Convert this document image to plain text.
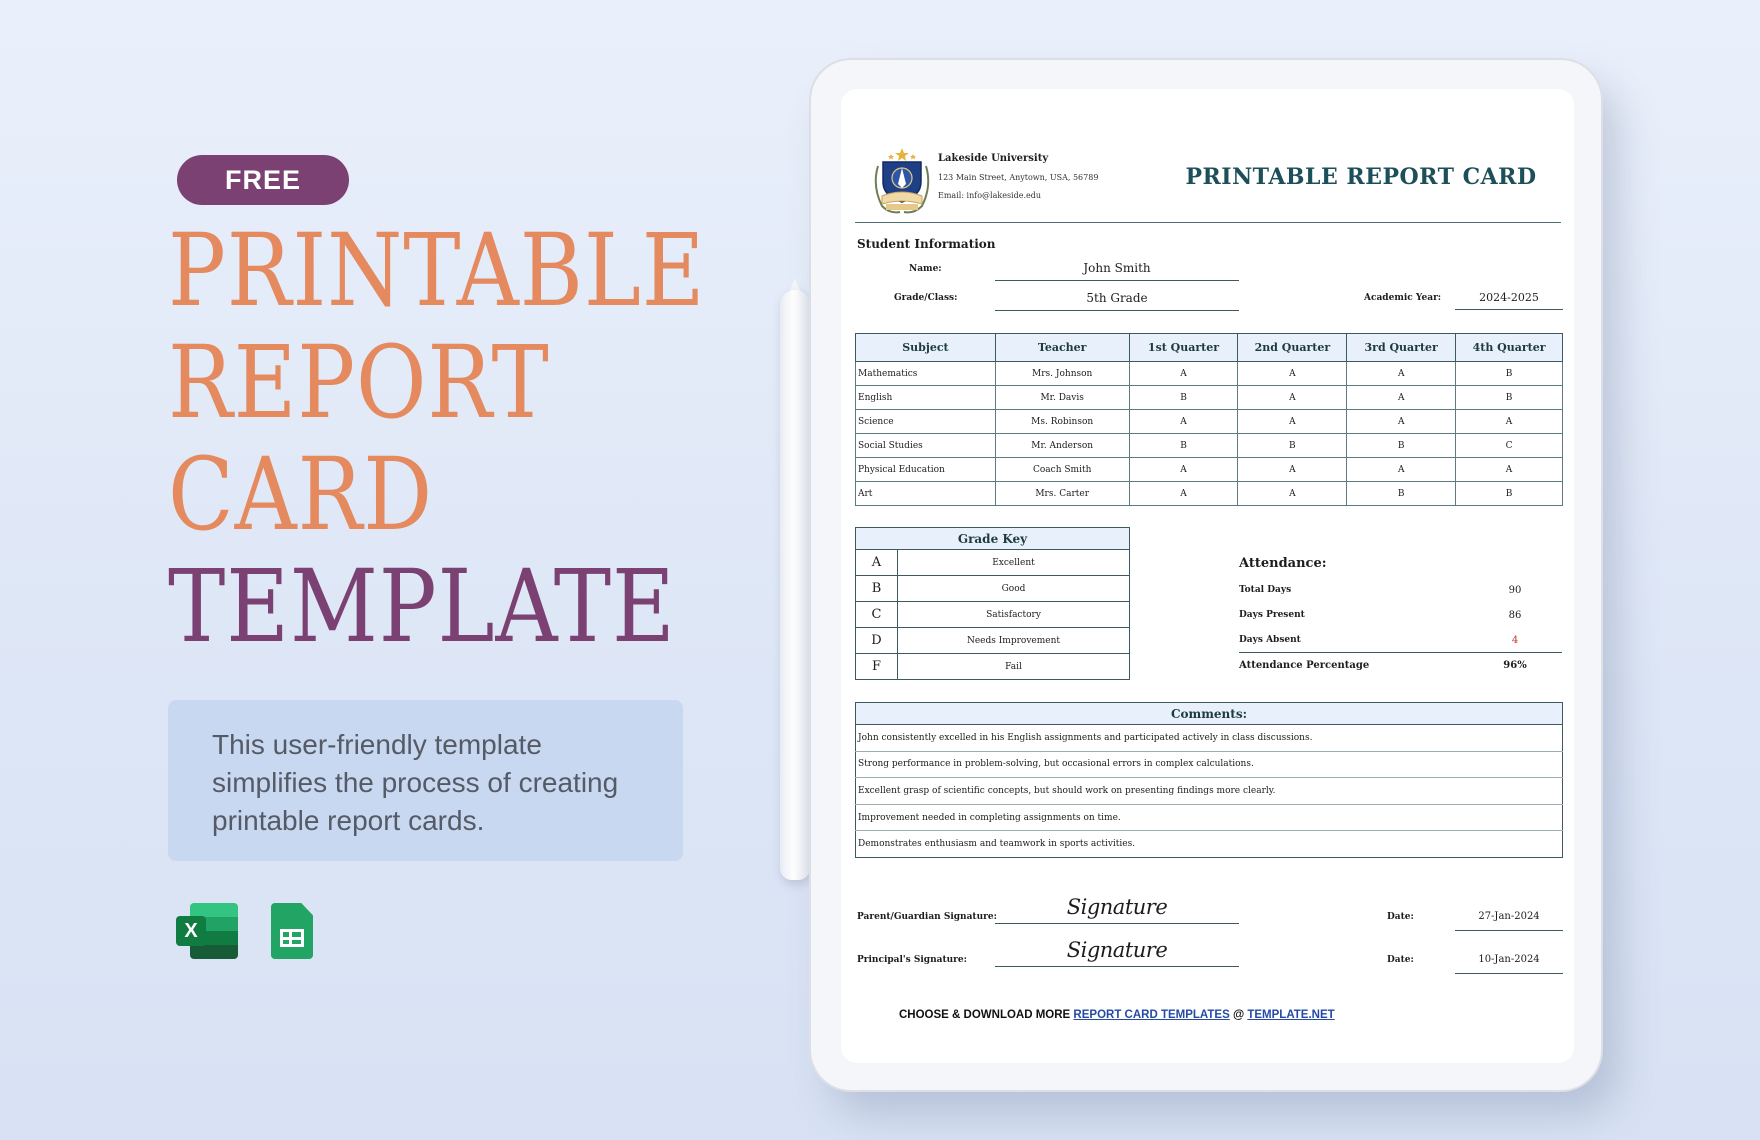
FREE
PRINTABLE
REPORT
CARD
TEMPLATE
This user-friendly template simplifies the process of creating printable report cards.
X
Lakeside University
123 Main Street, Anytown, USA, 56789
Email: info@lakeside.edu
PRINTABLE REPORT CARD
Student Information
Name:	John Smith
Grade/Class:	5th Grade	Academic Year:	2024-2025
Subject	Teacher	1st Quarter	2nd Quarter	3rd Quarter	4th Quarter
Mathematics	Mrs. Johnson	A	A	A	B
English	Mr. Davis	B	A	A	B
Science	Ms. Robinson	A	A	A	A
Social Studies	Mr. Anderson	B	B	B	C
Physical Education	Coach Smith	A	A	A	A
Art	Mrs. Carter	A	A	B	B
Grade Key	
A	Excellent
B	Good
C	Satisfactory
D	Needs Improvement
F	Fail
Attendance:
Total Days	90
Days Present	86
Days Absent	4
Attendance Percentage	96%
Comments:
John consistently excelled in his English assignments and participated actively in class discussions.
Strong performance in problem-solving, but occasional errors in complex calculations.
Excellent grasp of scientific concepts, but should work on presenting findings more clearly.
Improvement needed in completing assignments on time.
Demonstrates enthusiasm and teamwork in sports activities.
Parent/Guardian Signature:	Signature	Date:	27-Jan-2024
Principal's Signature:	Signature	Date:	10-Jan-2024
CHOOSE & DOWNLOAD MORE REPORT CARD TEMPLATES @ TEMPLATE.NET
